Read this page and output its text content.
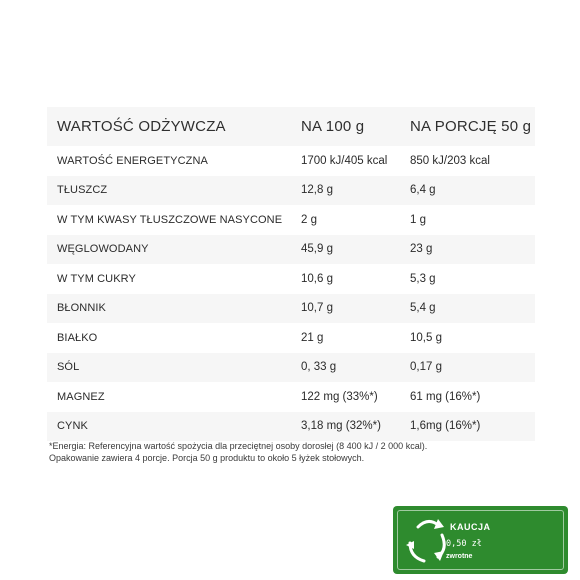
WARTOŚĆ ODŻYWCZA	NA 100 g	NA PORCJĘ 50 g
WARTOŚĆ ENERGETYCZNA	1700 kJ/405 kcal	850 kJ/203 kcal
TŁUSZCZ	12,8 g	6,4 g
W TYM KWASY TŁUSZCZOWE NASYCONE	2 g	1 g
WĘGLOWODANY	45,9 g	23 g
W TYM CUKRY	10,6 g	5,3 g
BŁONNIK	10,7 g	5,4 g
BIAŁKO	21 g	10,5 g
SÓL	0, 33 g	0,17 g
MAGNEZ	122 mg (33%*)	61 mg (16%*)
CYNK	3,18 mg (32%*)	1,6mg (16%*)

*Energia: Referencyjna wartość spożycia dla przeciętnej osoby dorosłej (8 400 kJ / 2 000 kcal).

Opakowanie zawiera 4 porcje. Porcja 50 g produktu to około 5 łyżek stołowych.

KAUCJA
0,50 zł
zwrotne
